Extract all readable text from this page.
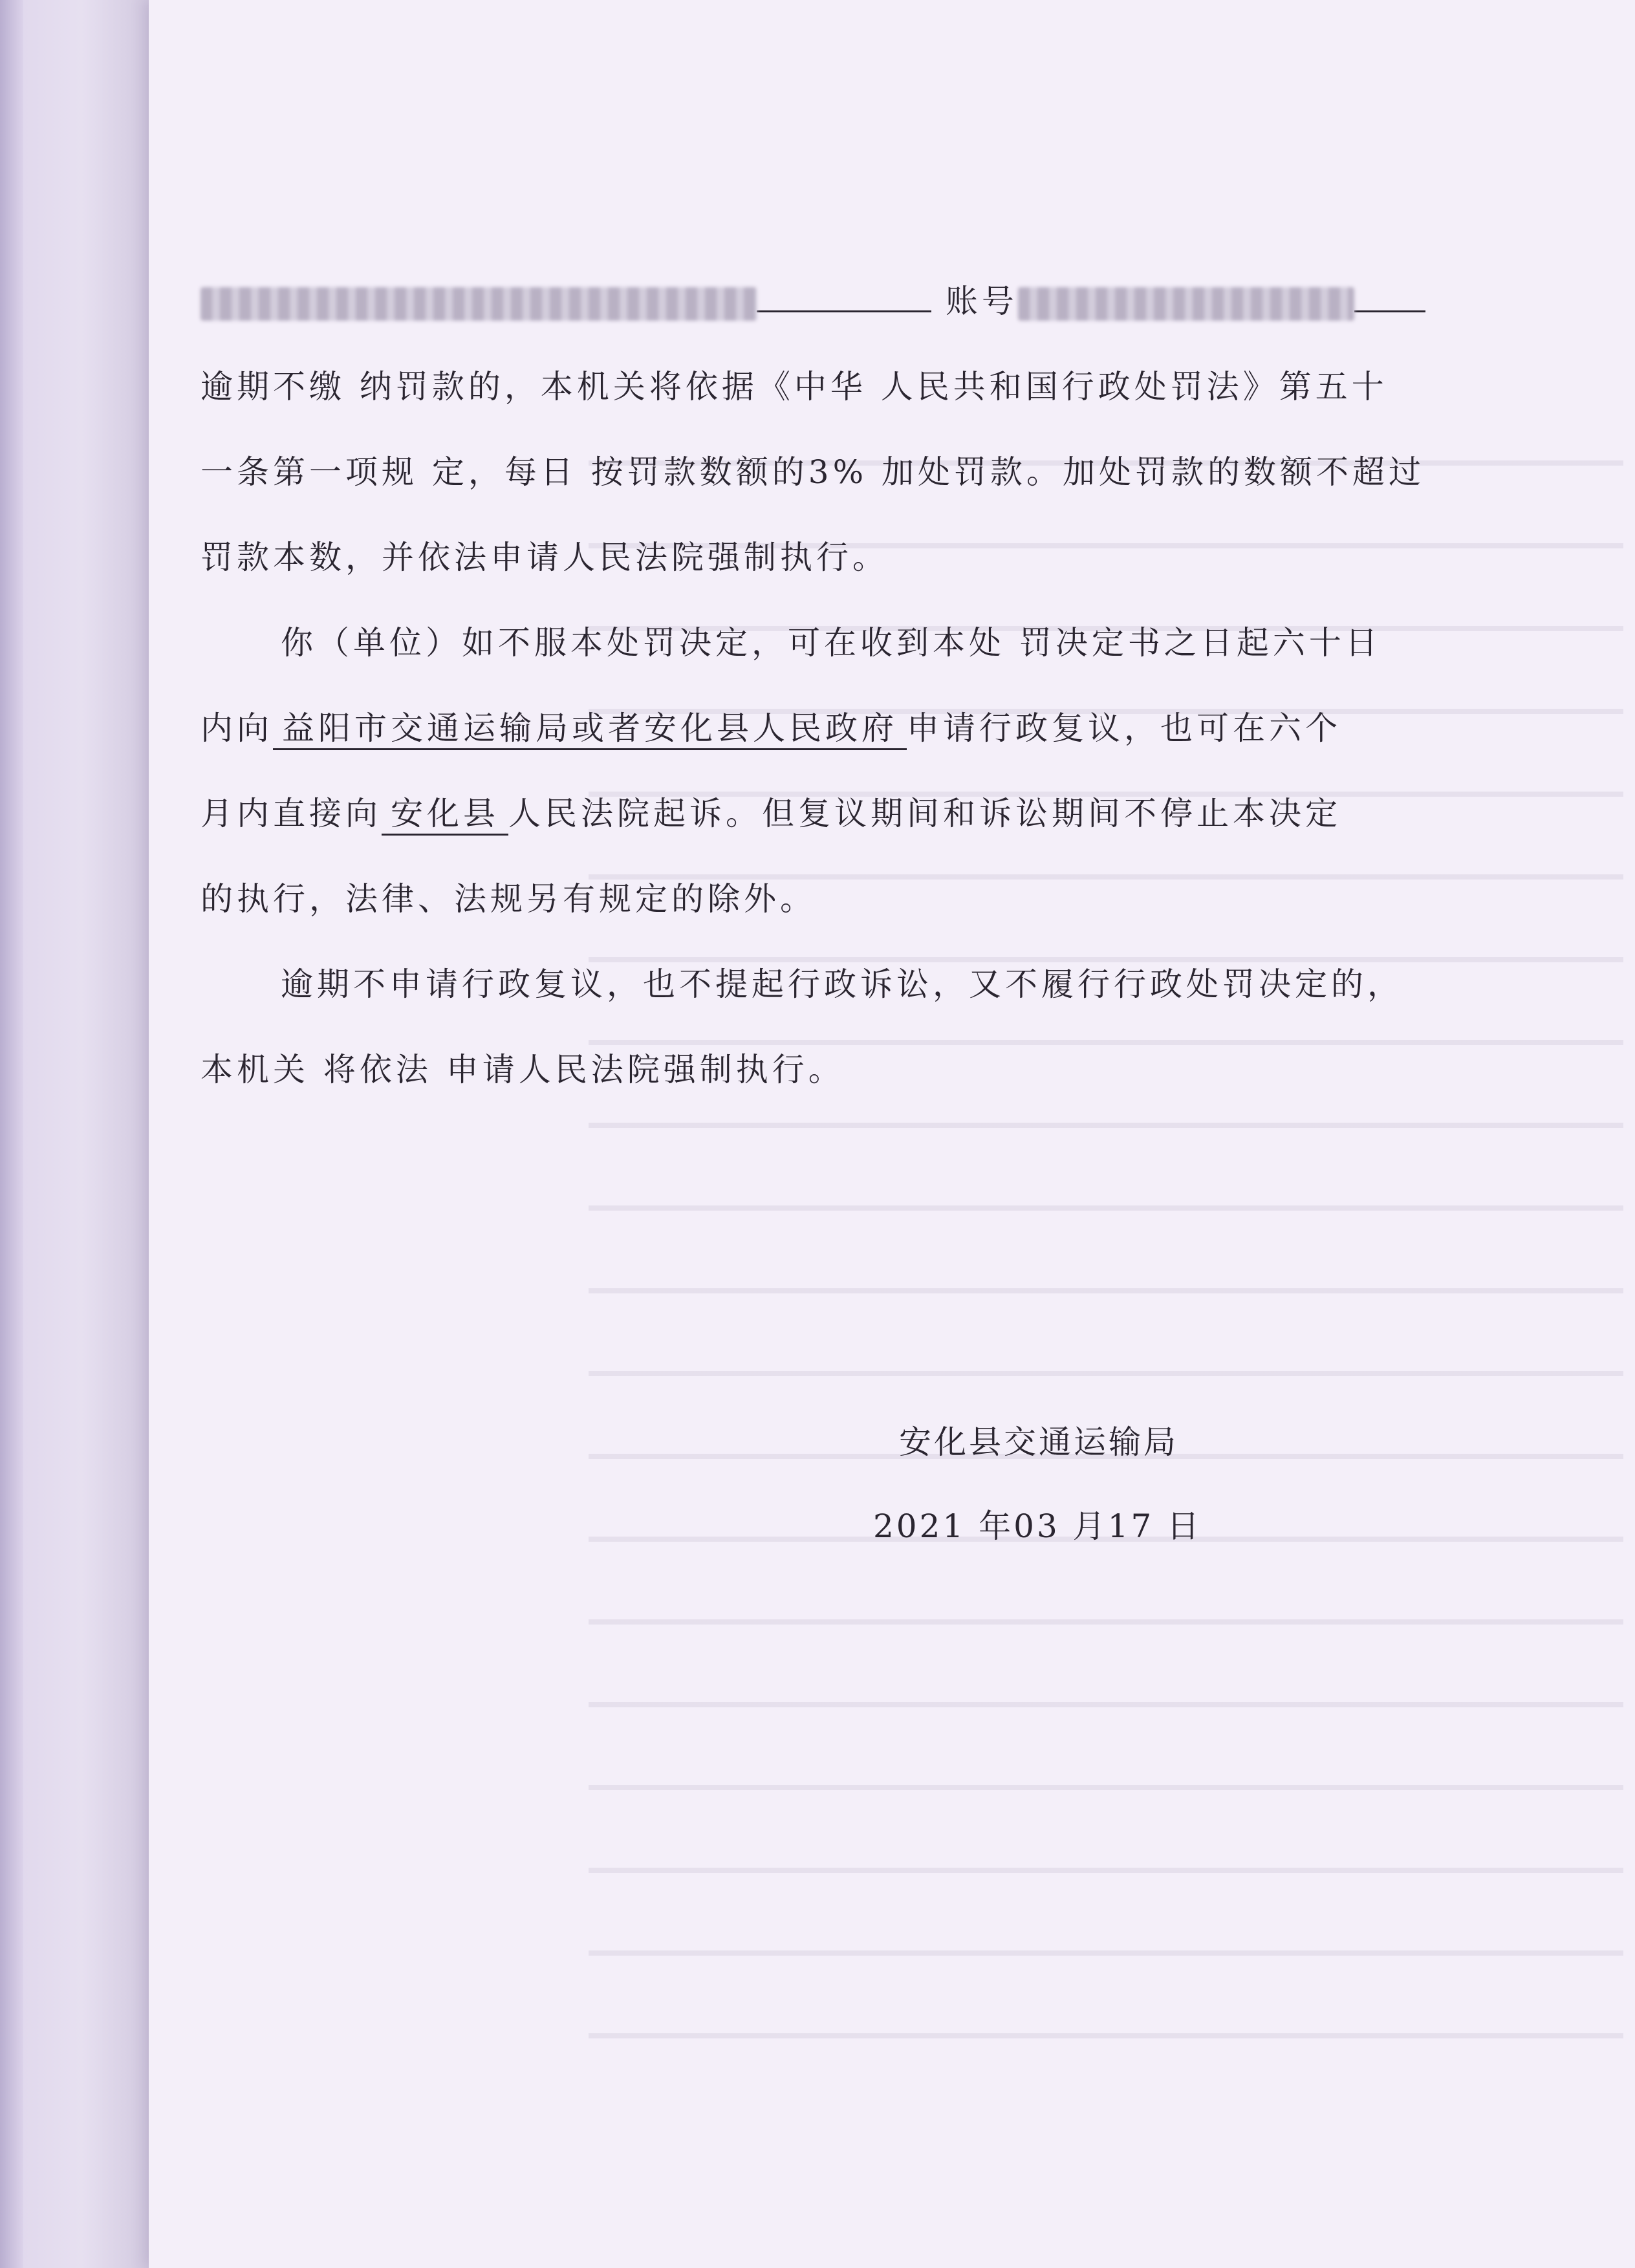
账号
逾期不缴 纳罚款的，本机关将依据《中华 人民共和国行政处罚法》第五十
一条第一项规 定，每日 按罚款数额的3% 加处罚款。加处罚款的数额不超过
罚款本数，并依法申请人民法院强制执行。
你（单位）如不服本处罚决定，可在收到本处 罚决定书之日起六十日
内向 益阳市交通运输局或者安化县人民政府 申请行政复议，也可在六个
月内直接向 安化县 人民法院起诉。但复议期间和诉讼期间不停止本决定
的执行，法律、法规另有规定的除外。
逾期不申请行政复议，也不提起行政诉讼，又不履行行政处罚决定的，
本机关 将依法 申请人民法院强制执行。
安化县交通运输局
2021 年03 月17 日
